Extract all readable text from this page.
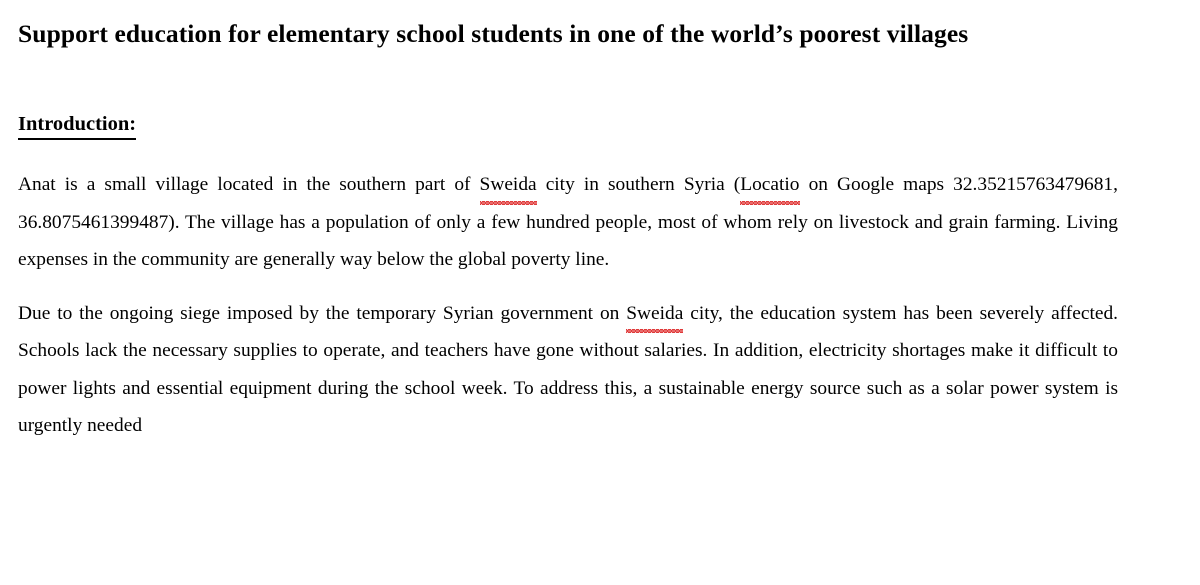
Support education for elementary school students in one of the world’s poorest villages
Introduction:

Anat is a small village located in the southern part of Sweida city in southern Syria (Locatio on Google maps 32.35215763479681, 36.8075461399487). The village has a population of only a few hundred people, most of whom rely on livestock and grain farming. Living expenses in the community are generally way below the global poverty line.

Due to the ongoing siege imposed by the temporary Syrian government on Sweida city, the education system has been severely affected. Schools lack the necessary supplies to operate, and teachers have gone without salaries. In addition, electricity shortages make it difficult to power lights and essential equipment during the school week. To address this, a sustainable energy source such as a solar power system is urgently needed
